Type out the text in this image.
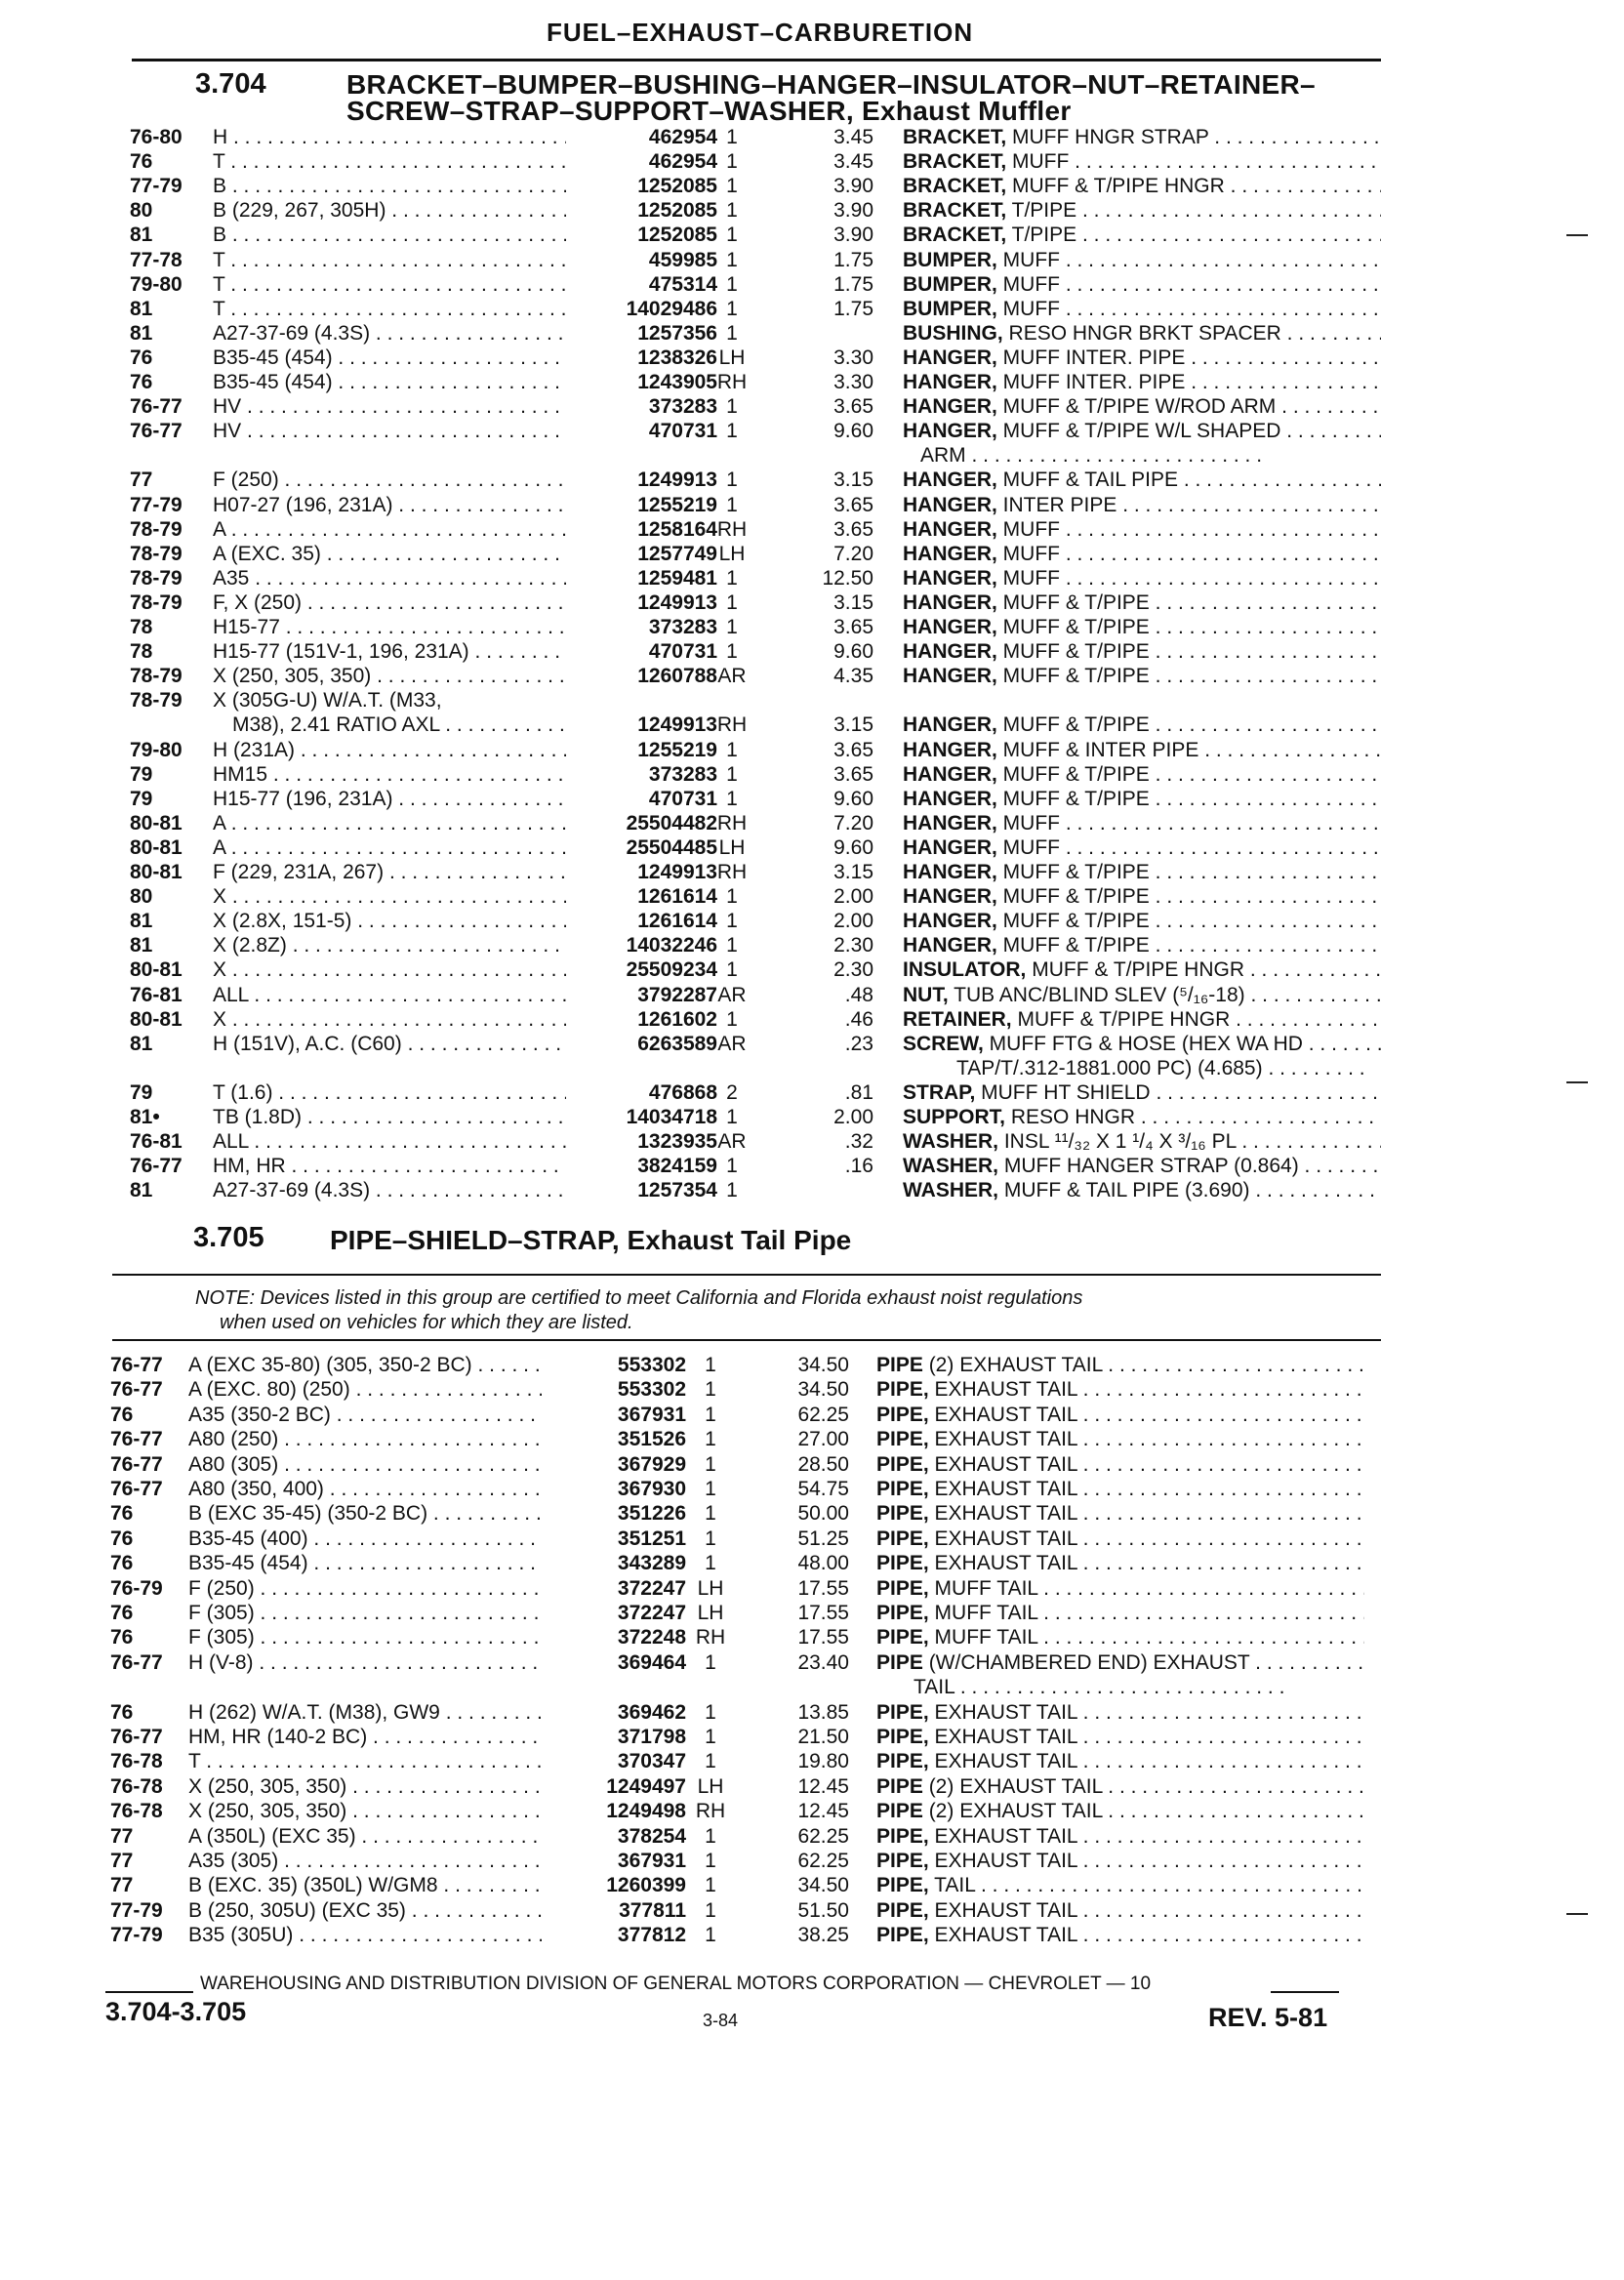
FUEL–EXHAUST–CARBURETION
3.704	BRACKET–BUMPER–BUSHING–HANGER–INSULATOR–NUT–RETAINER–
SCREW–STRAP–SUPPORT–WASHER, Exhaust Muffler
76-80 H . . .	462954 1	3.45 BRACKET, MUFF HNGR STRAP . . .
76	T . . .	462954 1	3.45 BRACKET, MUFF . . .
77-79 B . . .	1252085 1	3.90 BRACKET, MUFF & T/PIPE HNGR . . .
80	B (229, 267, 305H) . . .	1252085 1	3.90 BRACKET, T/PIPE . . .
81	B . . .	1252085 1	3.90 BRACKET, T/PIPE . . .
77-78 T . . .	459985 1	1.75 BUMPER, MUFF . . .
79-80 T . . .	475314 1	1.75 BUMPER, MUFF . . .
81	T . . .	14029486 1	1.75 BUMPER, MUFF . . .
81	A27-37-69 (4.3S) . . .	1257356 1	BUSHING, RESO HNGR BRKT SPACER . . .
76	B35-45 (454) . . .	1238326 LH	3.30 HANGER, MUFF INTER. PIPE . . .
76	B35-45 (454) . . .	1243905 RH	3.30 HANGER, MUFF INTER. PIPE . . .
76-77 HV . . .	373283 1	3.65 HANGER, MUFF & T/PIPE W/ROD ARM . . .
76-77 HV . . .	470731 1	9.60 HANGER, MUFF & T/PIPE W/L SHAPED . . .
ARM . . .
77	F (250) . . .	1249913 1	3.15 HANGER, MUFF & TAIL PIPE . . .
77-79 H07-27 (196, 231A) . . .	1255219 1	3.65 HANGER, INTER PIPE . . .
78-79 A . . .	1258164 RH	3.65 HANGER, MUFF . . .
78-79 A (EXC. 35) . . .	1257749 LH	7.20 HANGER, MUFF . . .
78-79 A35 . . .	1259481 1	12.50 HANGER, MUFF . . .
78-79 F, X (250) . . .	1249913 1	3.15 HANGER, MUFF & T/PIPE . . .
78	H15-77 . . .	373283 1	3.65 HANGER, MUFF & T/PIPE . . .
78	H15-77 (151V-1, 196, 231A) . . .	470731 1	9.60 HANGER, MUFF & T/PIPE . . .
78-79 X (250, 305, 350) . . .	1260788 AR	4.35 HANGER, MUFF & T/PIPE . . .
78-79 X (305G-U) W/A.T. (M33,
M38), 2.41 RATIO AXL . . .	1249913 RH	3.15 HANGER, MUFF & T/PIPE . . .
79-80 H (231A) . . .	1255219 1	3.65 HANGER, MUFF & INTER PIPE . . .
79	HM15 . . .	373283 1	3.65 HANGER, MUFF & T/PIPE . . .
79	H15-77 (196, 231A) . . .	470731 1	9.60 HANGER, MUFF & T/PIPE . . .
80-81 A . . .	25504482 RH	7.20 HANGER, MUFF . . .
80-81 A . . .	25504485 LH	9.60 HANGER, MUFF . . .
80-81 F (229, 231A, 267) . . .	1249913 RH	3.15 HANGER, MUFF & T/PIPE . . .
80	X . . .	1261614 1	2.00 HANGER, MUFF & T/PIPE . . .
81	X (2.8X, 151-5) . . .	1261614 1	2.00 HANGER, MUFF & T/PIPE . . .
81	X (2.8Z) . . .	14032246 1	2.30 HANGER, MUFF & T/PIPE . . .
80-81 X . . .	25509234 1	2.30 INSULATOR, MUFF & T/PIPE HNGR . . .
76-81 ALL . . .	3792287 AR	.48 NUT, TUB ANC/BLIND SLEV (⁵/₁₆-18) . . .
80-81 X . . .	1261602 1	.46 RETAINER, MUFF & T/PIPE HNGR . . .
81	H (151V), A.C. (C60) . . .	6263589 AR	.23 SCREW, MUFF FTG & HOSE (HEX WA HD . . .
TAP/T/.312-1881.000 PC) (4.685) . . .
79	T (1.6) . . .	476868 2	.81 STRAP, MUFF HT SHIELD . . .
81•	TB (1.8D) . . .	14034718 1	2.00 SUPPORT, RESO HNGR . . .
76-81 ALL . . .	1323935 AR	.32 WASHER, INSL ¹¹/₃₂ X 1 ¹/₄ X ³/₁₆ PL . . .
76-77 HM, HR . . .	3824159 1	.16 WASHER, MUFF HANGER STRAP (0.864) . . .
81	A27-37-69 (4.3S) . . .	1257354 1	WASHER, MUFF & TAIL PIPE (3.690) . . .
3.705 PIPE–SHIELD–STRAP, Exhaust Tail Pipe
NOTE: Devices listed in this group are certified to meet California and Florida exhaust noist regulations
when used on vehicles for which they are listed.
76-77 A (EXC 35-80) (305, 350-2 BC) . . .	553302 1	34.50 PIPE (2) EXHAUST TAIL . . .
76-77 A (EXC. 80) (250) . . .	553302 1	34.50 PIPE, EXHAUST TAIL . . .
76	A35 (350-2 BC) . . .	367931 1	62.25 PIPE, EXHAUST TAIL . . .
76-77 A80 (250) . . .	351526 1	27.00 PIPE, EXHAUST TAIL . . .
76-77 A80 (305) . . .	367929 1	28.50 PIPE, EXHAUST TAIL . . .
76-77 A80 (350, 400) . . .	367930 1	54.75 PIPE, EXHAUST TAIL . . .
76	B (EXC 35-45) (350-2 BC) . . .	351226 1	50.00 PIPE, EXHAUST TAIL . . .
76	B35-45 (400) . . .	351251 1	51.25 PIPE, EXHAUST TAIL . . .
76	B35-45 (454) . . .	343289 1	48.00 PIPE, EXHAUST TAIL . . .
76-79 F (250) . . .	372247 LH	17.55 PIPE, MUFF TAIL . . .
76	F (305) . . .	372247 LH	17.55 PIPE, MUFF TAIL . . .
76	F (305) . . .	372248 RH	17.55 PIPE, MUFF TAIL . . .
76-77 H (V-8) . . .	369464 1	23.40 PIPE (W/CHAMBERED END) EXHAUST . . .
TAIL . . .
76	H (262) W/A.T. (M38), GW9 . . .	369462 1	13.85 PIPE, EXHAUST TAIL . . .
76-77 HM, HR (140-2 BC) . . .	371798 1	21.50 PIPE, EXHAUST TAIL . . .
76-78 T . . .	370347 1	19.80 PIPE, EXHAUST TAIL . . .
76-78 X (250, 305, 350) . . .	1249497 LH	12.45 PIPE (2) EXHAUST TAIL . . .
76-78 X (250, 305, 350) . . .	1249498 RH	12.45 PIPE (2) EXHAUST TAIL . . .
77	A (350L) (EXC 35) . . .	378254 1	62.25 PIPE, EXHAUST TAIL . . .
77	A35 (305) . . .	367931 1	62.25 PIPE, EXHAUST TAIL . . .
77	B (EXC. 35) (350L) W/GM8 . . .	1260399 1	34.50 PIPE, TAIL . . .
77-79 B (250, 305U) (EXC 35) . . .	377811 1	51.50 PIPE, EXHAUST TAIL . . .
77-79 B35 (305U) . . .	377812 1	38.25 PIPE, EXHAUST TAIL . . .
WAREHOUSING AND DISTRIBUTION DIVISION OF GENERAL MOTORS CORPORATION — CHEVROLET — 10
3.704-3.705	3-84	REV. 5-81
